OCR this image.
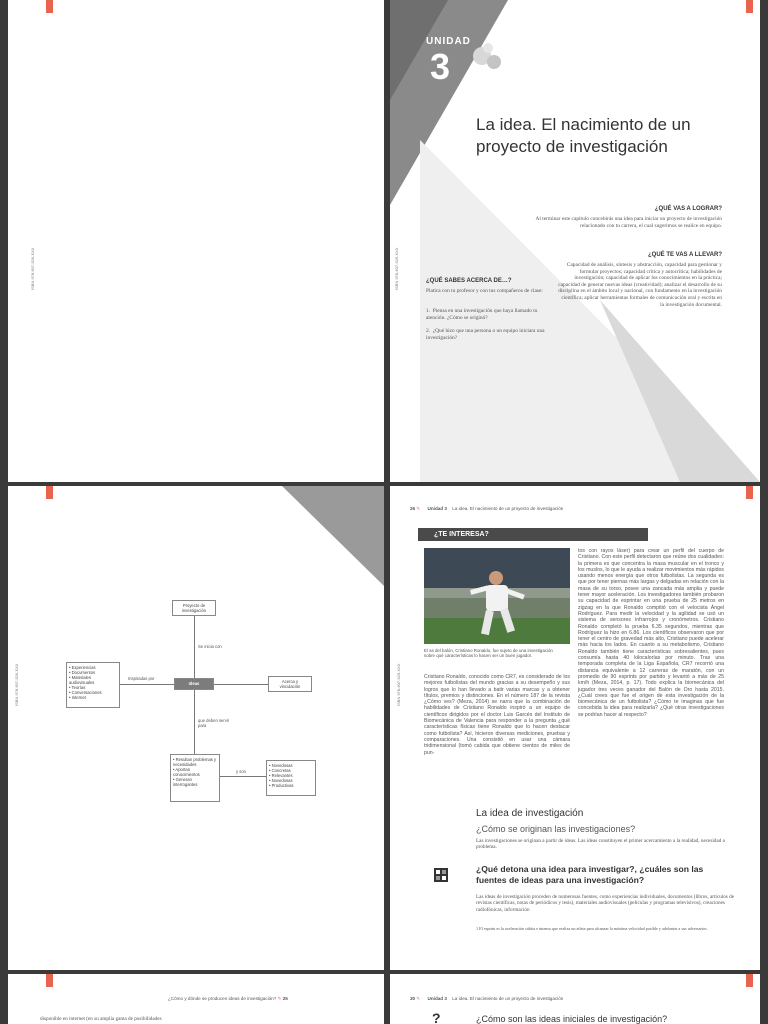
ISBN 978-607-526-XXX
UNIDAD
3
La idea. El nacimiento de un proyecto de investigación
ISBN 978-607-526-XXX
¿QUÉ VAS A LOGRAR?
Al terminar este capítulo concebirás una idea para iniciar un proyecto de investigación relacionado con tu carrera, el cual sugerimos se realice en equipo.
¿QUÉ TE VAS A LLEVAR?
Capacidad de análisis, síntesis y abstracción, capacidad para gestionar y formular proyectos; capacidad crítica y autocrítica; habilidades de investigación; capacidad de aplicar los conocimientos en la práctica; capacidad de generar nuevas ideas (creatividad); analizar el desarrollo de su disciplina en el ámbito local y nacional, con fundamento en la investigación científica; aplicar herramientas formales de comunicación oral y escrita en la investigación documental.
¿QUÉ SABES ACERCA DE…?
Platica con tu profesor y con tus compañeros de clase:
1.  Piensa en una investigación que haya llamado tu atención. ¿Cómo se originó?
2.  ¿Qué hizo que una persona o un equipo iniciara una investigación?
ISBN 978-607-526-XXX
Proyecto de investigación
Se inicia con
Ideas
Inspiradas por
• Experiencias
• Documentos
• Materiales audiovisuales
• Teorías
• Conversaciones
• Internet
Acerca y vinculación
que deben servir para
• Resultan problemas y necesidades
• Aportan conocimientos
• Generan interrogantes
y son
• Novedosas
• Concretas
• Relevantes
• Novedosas
• Productivas
26 ✎ Unidad 3 La idea. El nacimiento de un proyecto de investigación
¿TE INTERESA?
ISBN 978-607-526-XXX
El as del balón, Cristiano Ronaldo, fue sujeto de una investigación sobre qué características lo hacen ser un buen jugador.
Cristiano Ronaldo, conocido como CR7, es considerado de los mejores futbolistas del mundo gracias a su desempeño y sus logros que lo han llevado a batir varias marcas y a obtener títulos, premios y distinciones. En el número 187 de la revista ¿Cómo ves? (Meza, 2014) se narra que la combinación de habilidades de Cristiano Ronaldo inspiró a un equipo de científicos dirigidos por el doctor Luis Garcés del Instituto de Biomecánica de Valencia para responder a la pregunta ¿qué características físicas tiene Ronaldo que lo hacen destacar como futbolista? Así, hicieron diversas mediciones, pruebas y comparaciones. Una consistió en usar una cámara tridimensional (tomó cabida que obtiene cientos de miles de pun-
tos con rayos láser) para crear un perfil del cuerpo de Cristiano. Con este perfil detectaron que reúne dos cualidades: la primera es que concentra la masa muscular en el tronco y los muslos, lo que le ayuda a realizar movimientos más rápidos usando menos energía que otros futbolistas. La segunda es que por tener piernas más largas y delgadas en relación con la masa de su torso, posee una zancada más amplia y puede tener mayor aceleración. Los investigadores también probaron su capacidad de esprintar en una prueba de 25 metros en zigzag en la que Ronaldo compitió con el velocista Ángel Rodríguez. Para medir la velocidad y la agilidad se usó un sistema de sensores infrarrojos y cronómetros. Cristiano Ronaldo completó la prueba 6.35 segundos, mientras que Rodríguez la hizo en 6.86. Los científicos observaron que por tener el centro de gravedad más alto, Cristiano puede acelerar más hacia los lados. En cuanto a su metabolismo, Cristiano Ronaldo también tiene características sobresalientes, pues consumía hasta 40 kilocalorías por minuto. Tras una temporada completa de la Liga Española, CR7 recorrió una distancia equivalente a 12 carreras de maratón, con un promedio de 90 esprints por partido y levantó a más de 25 km/h (Meza, 2014, p. 17). Todo explica la biomecánica del jugador tres veces ganador del Balón de Oro hasta 2015. ¿Cuál crees que fue el origen de esta investigación de la biomecánica de un futbolista? ¿Cómo te imaginas que fue concebida la idea para realizarla? ¿Qué otras investigaciones se podrían hacer al respecto?
La idea de investigación
¿Cómo se originan las investigaciones?
Las investigaciones se originan a partir de ideas. Las ideas constituyen el primer acercamiento a la realidad, necesidad o problema.
¿Qué detona una idea para investigar?, ¿cuáles son las fuentes de ideas para una investigación?
Las ideas de investigación proceden de numerosas fuentes, como experiencias individuales, documentos (libros, artículos de revistas científicas, notas de periódicos y tesis), materiales audiovisuales (películas y programas televisivos), creaciones radiofónicas, información
1 El esprint es la aceleración súbita e intensa que realiza un atleta para alcanzar la máxima velocidad posible y adelantar a sus adversarios.
¿Cómo y dónde se producen ideas de investigación? ✎ 25
disponible en internet (en su amplia gama de posibilidades
30 ✎ Unidad 3 La idea. El nacimiento de un proyecto de investigación
?	¿Cómo son las ideas iniciales de investigación?
